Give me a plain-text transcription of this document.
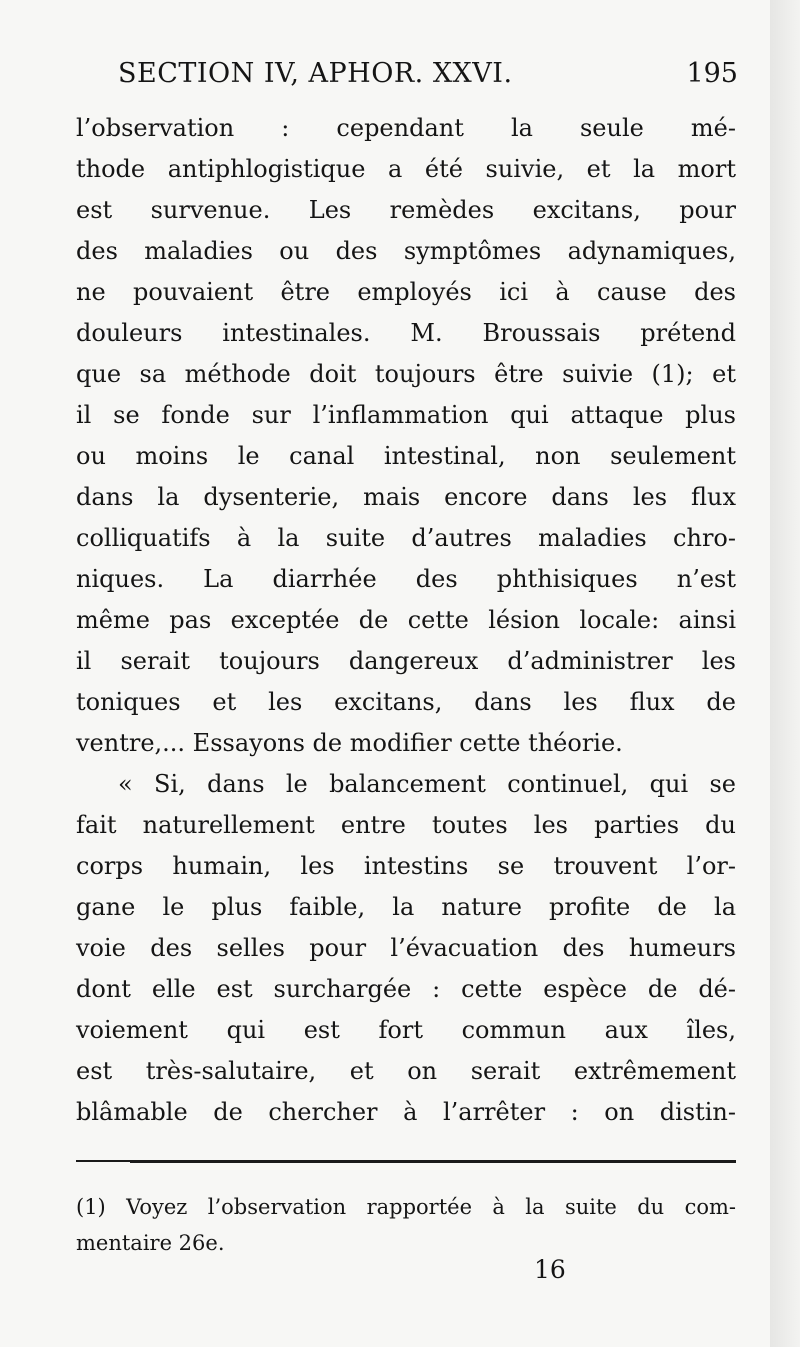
SECTION IV, APHOR. XXVI.	195
l’observation : cependant la seule mé-
thode antiphlogistique a été suivie, et la mort
est survenue. Les remèdes excitans, pour
des maladies ou des symptômes adynamiques,
ne pouvaient être employés ici à cause des
douleurs intestinales. M. Broussais prétend
que sa méthode doit toujours être suivie (1); et
il se fonde sur l’inflammation qui attaque plus
ou moins le canal intestinal, non seulement
dans la dysenterie, mais encore dans les flux
colliquatifs à la suite d’autres maladies chro-
niques. La diarrhée des phthisiques n’est
même pas exceptée de cette lésion locale: ainsi
il serait toujours dangereux d’administrer les
toniques et les excitans, dans les flux de
ventre,... Essayons de modifier cette théorie.
« Si, dans le balancement continuel, qui se
fait naturellement entre toutes les parties du
corps humain, les intestins se trouvent l’or-
gane le plus faible, la nature profite de la
voie des selles pour l’évacuation des humeurs
dont elle est surchargée : cette espèce de dé-
voiement qui est fort commun aux îles,
est très-salutaire, et on serait extrêmement
blâmable de chercher à l’arrêter : on distin-
(1) Voyez l’observation rapportée à la suite du com-
mentaire 26e.
16
